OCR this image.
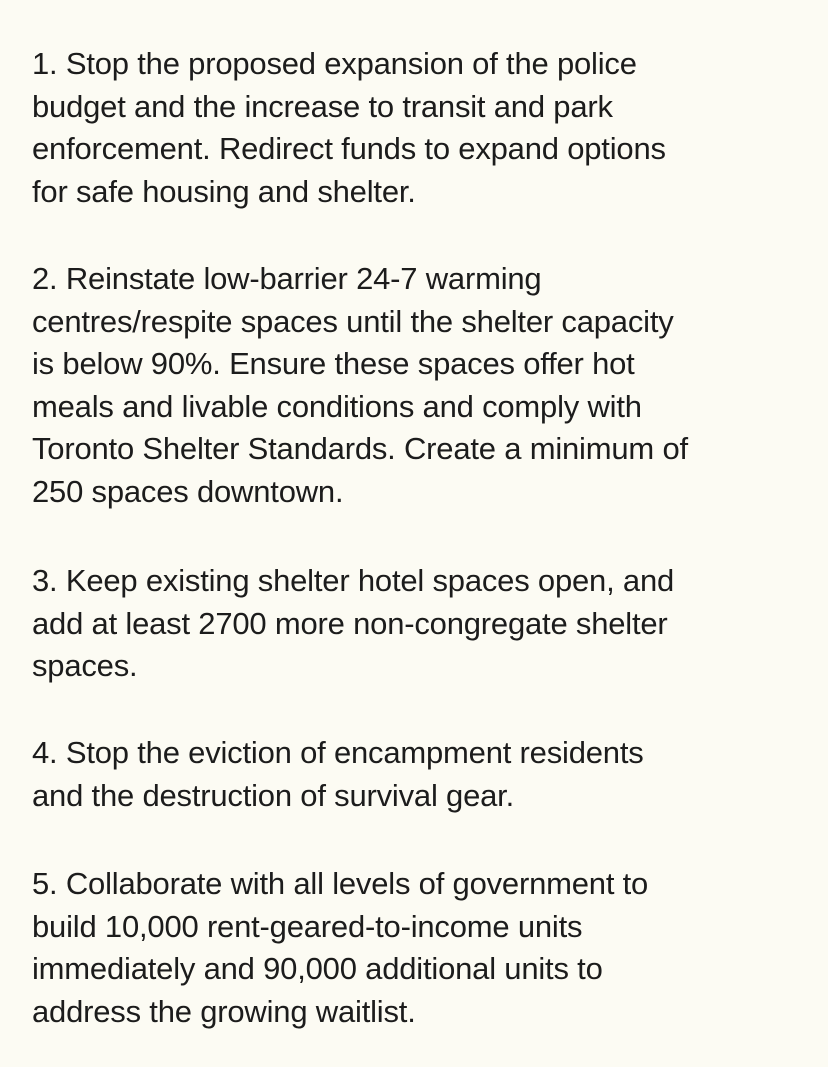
1. Stop the proposed expansion of the police
budget and the increase to transit and park
enforcement. Redirect funds to expand options
for safe housing and shelter.

2. Reinstate low-barrier 24-7 warming
centres/respite spaces until the shelter capacity
is below 90%. Ensure these spaces offer hot
meals and livable conditions and comply with
Toronto Shelter Standards. Create a minimum of
250 spaces downtown.

3. Keep existing shelter hotel spaces open, and
add at least 2700 more non-congregate shelter
spaces.

4. Stop the eviction of encampment residents
and the destruction of survival gear.

5. Collaborate with all levels of government to
build 10,000 rent-geared-to-income units
immediately and 90,000 additional units to
address the growing waitlist.
